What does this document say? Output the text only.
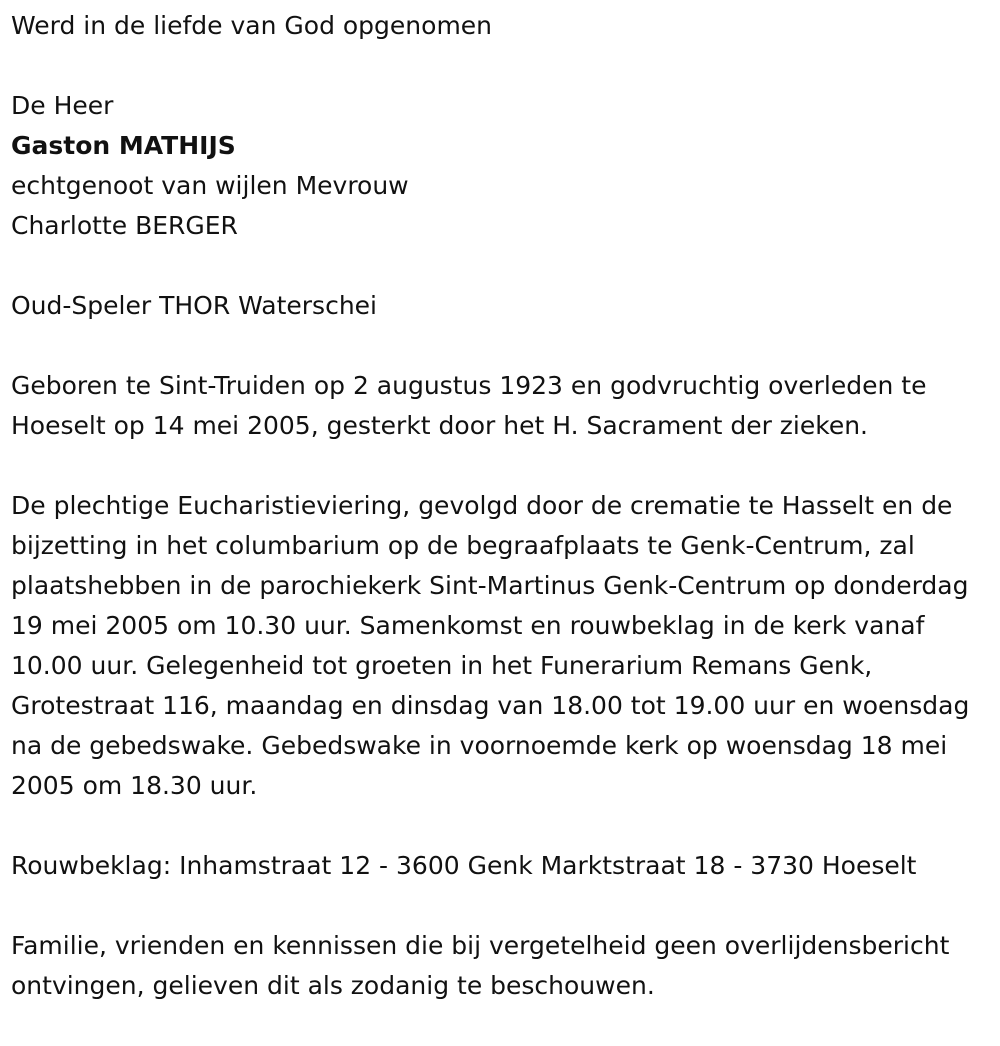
Werd in de liefde van God opgenomen
De Heer
Gaston MATHIJS
echtgenoot van wijlen Mevrouw
Charlotte BERGER
Oud-Speler THOR Waterschei
Geboren te Sint-Truiden op 2 augustus 1923 en godvruchtig overleden te Hoeselt op 14 mei 2005, gesterkt door het H. Sacrament der zieken.
De plechtige Eucharistieviering, gevolgd door de crematie te Hasselt en de bijzetting in het columbarium op de begraafplaats te Genk-Centrum, zal plaatshebben in de parochiekerk Sint-Martinus Genk-Centrum op donderdag 19 mei 2005 om 10.30 uur. Samenkomst en rouwbeklag in de kerk vanaf 10.00 uur. Gelegenheid tot groeten in het Funerarium Remans Genk, Grotestraat 116, maandag en dinsdag van 18.00 tot 19.00 uur en woensdag na de gebedswake. Gebedswake in voornoemde kerk op woensdag 18 mei 2005 om 18.30 uur.
Rouwbeklag: Inhamstraat 12 - 3600 Genk Marktstraat 18 - 3730 Hoeselt
Familie, vrienden en kennissen die bij vergetelheid geen overlijdensbericht ontvingen, gelieven dit als zodanig te beschouwen.
